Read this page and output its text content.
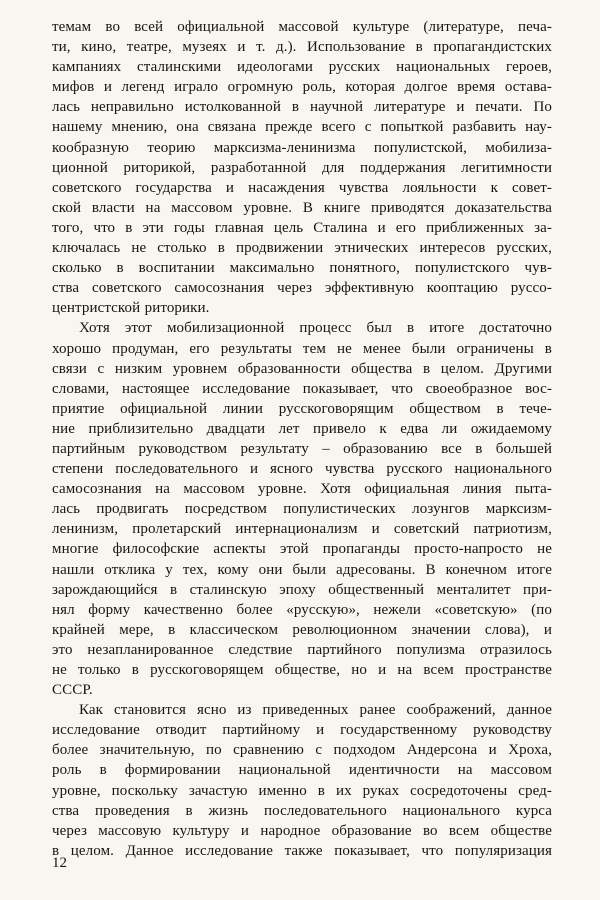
темам во всей официальной массовой культуре (литературе, печа-
ти, кино, театре, музеях и т. д.). Использование в пропагандистских
кампаниях сталинскими идеологами русских национальных героев,
мифов и легенд играло огромную роль, которая долгое время остава-
лась неправильно истолкованной в научной литературе и печати. По
нашему мнению, она связана прежде всего с попыткой разбавить нау-
кообразную теорию марксизма-ленинизма популистской, мобилиза-
ционной риторикой, разработанной для поддержания легитимности
советского государства и насаждения чувства лояльности к совет-
ской власти на массовом уровне. В книге приводятся доказательства
того, что в эти годы главная цель Сталина и его приближенных за-
ключалась не столько в продвижении этнических интересов русских,
сколько в воспитании максимально понятного, популистского чув-
ства советского самосознания через эффективную кооптацию руссо-
центристской риторики.
Хотя этот мобилизационной процесс был в итоге достаточно
хорошо продуман, его результаты тем не менее были ограничены в
связи с низким уровнем образованности общества в целом. Другими
словами, настоящее исследование показывает, что своеобразное вос-
приятие официальной линии русскоговорящим обществом в тече-
ние приблизительно двадцати лет привело к едва ли ожидаемому
партийным руководством результату – образованию все в большей
степени последовательного и ясного чувства русского национального
самосознания на массовом уровне. Хотя официальная линия пыта-
лась продвигать посредством популистических лозунгов марксизм-
ленинизм, пролетарский интернационализм и советский патриотизм,
многие философские аспекты этой пропаганды просто-напросто не
нашли отклика у тех, кому они были адресованы. В конечном итоге
зарождающийся в сталинскую эпоху общественный менталитет при-
нял форму качественно более «русскую», нежели «советскую» (по
крайней мере, в классическом революционном значении слова), и
это незапланированное следствие партийного популизма отразилось
не только в русскоговорящем обществе, но и на всем пространстве
СССР.
Как становится ясно из приведенных ранее соображений, данное
исследование отводит партийному и государственному руководству
более значительную, по сравнению с подходом Андерсона и Хроха,
роль в формировании национальной идентичности на массовом
уровне, поскольку зачастую именно в их руках сосредоточены сред-
ства проведения в жизнь последовательного национального курса
через массовую культуру и народное образование во всем обществе
в целом. Данное исследование также показывает, что популяризация
12
